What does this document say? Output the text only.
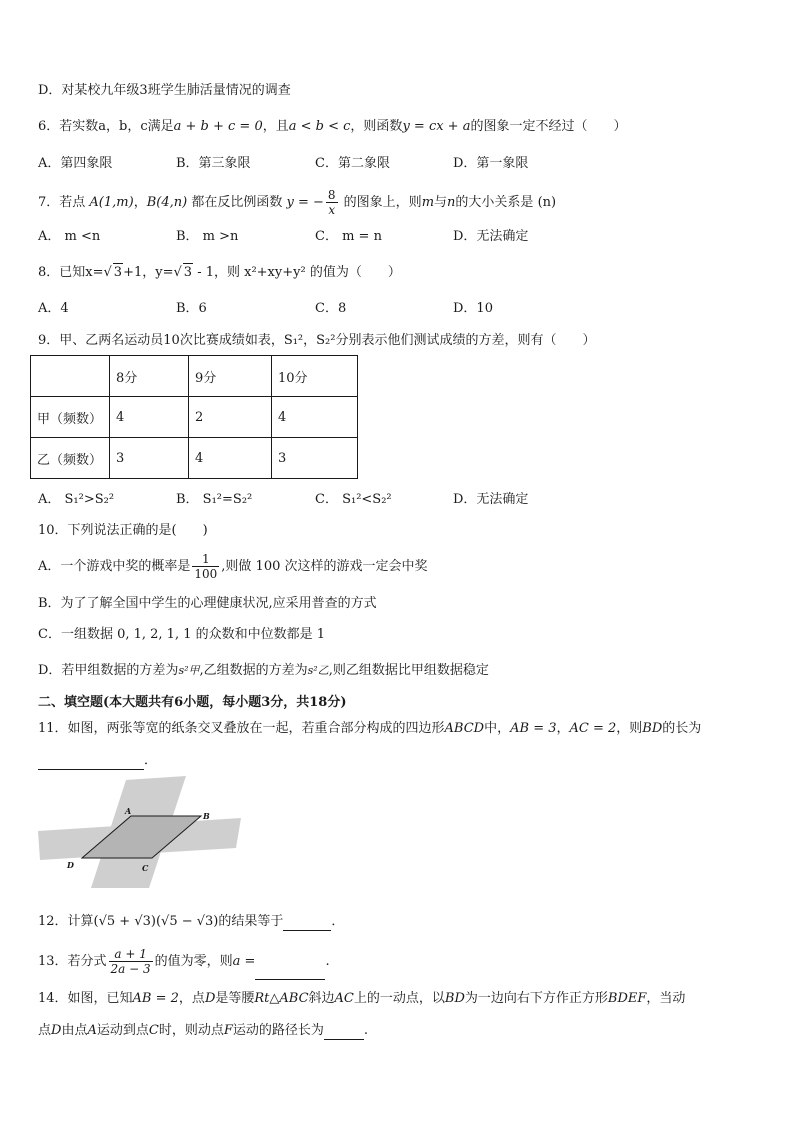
D．对某校九年级3班学生肺活量情况的调查
6．若实数a，b，c满足a + b + c = 0，且a < b < c，则函数y = cx + a的图象一定不经过（　　）
A．第四象限	B．第三象限	C．第二象限	D．第一象限
7．若点 A(1,m)，B(4,n) 都在反比例函数 y = − $\frac{8}{x}$ 的图象上，则m与n的大小关系是 (n)
A． m <n	B． m >n	C． m = n	D．无法确定
8．已知x=√ 3+1，y=√ 3 - 1，则 x²+xy+y² 的值为（　　）
A．4	B．6	C．8	D．10
9．甲、乙两名运动员10次比赛成绩如表，S₁²，S₂²分别表示他们测试成绩的方差，则有（　　）
	8分	9分	10分
甲（频数）	4	2	4
乙（频数）	3	4	3
A． S₁²>S₂²	B． S₁²=S₂²	C． S₁²<S₂²	D．无法确定
10．下列说法正确的是(　　)
A．一个游戏中奖的概率是 $\frac{1}{100}$ ,则做 100 次这样的游戏一定会中奖
B．为了了解全国中学生的心理健康状况,应采用普查的方式
C．一组数据 0, 1, 2, 1, 1 的众数和中位数都是 1
D．若甲组数据的方差为s²甲,乙组数据的方差为s²乙,则乙组数据比甲组数据稳定
二、填空题(本大题共有6小题，每小题3分，共18分)
11．如图，两张等宽的纸条交叉叠放在一起，若重合部分构成的四边形ABCD中，AB = 3，AC = 2，则BD的长为
．
A	B
C
D
12．计算(√5 + √3)(√5 − √3)的结果等于	．
13．若分式 $\frac{a + 1}{2a - 3}$ 的值为零，则a =	.
14．如图，已知AB = 2，点D是等腰Rt△ABC斜边AC上的一动点，以BD为一边向右下方作正方形BDEF，当动
点D由点A运动到点C时，则动点F运动的路径长为	.
